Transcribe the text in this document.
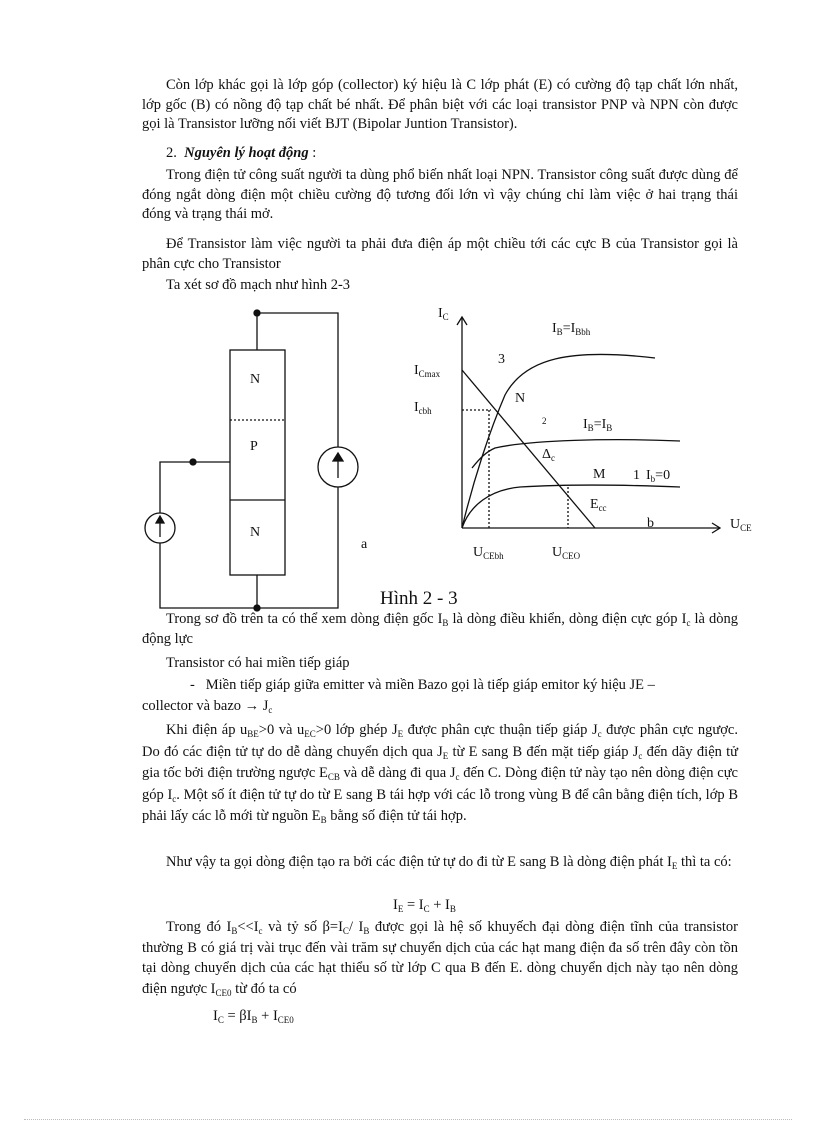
Còn lớp khác gọi là lớp góp (collector) ký hiệu là C lớp phát (E) có cường độ tạp chất lớn nhất, lớp gốc (B) có nồng độ tạp chất bé nhất. Để phân biệt với các loại transistor PNP và NPN còn được gọi là Transistor lưỡng nối viết BJT (Bipolar Juntion Transistor).
2. Nguyên lý hoạt động :
Trong điện tử công suất người ta dùng phổ biến nhất loại NPN. Transistor công suất được dùng để đóng ngắt dòng điện một chiều cường độ tương đối lớn vì vậy chúng chỉ làm việc ở hai trạng thái đóng và trạng thái mở.
Để Transistor làm việc người ta phải đưa điện áp một chiều tới các cực B của Transistor gọi là phân cực cho Transistor
Ta xét sơ đồ mạch như hình 2-3
N
P
N
a
$I_C$
$U_{CE}$
$I_{Cmax}$
$I_{cbh}$
$I_B=I_{Bbh}$
$I_B=I_B$
1 $I_b=0$
3
2
N
M
b
$\Delta_c$
$E_{cc}$
$U_{CEbh}$	$U_{CEO}$
Hình 2 - 3
Trong sơ đồ trên ta có thể xem dòng điện gốc $I_B$ là dòng điều khiển, dòng điện cực góp $I_c$ là dòng động lực
Transistor có hai miền tiếp giáp
- Miền tiếp giáp giữa emitter và miền Bazo gọi là tiếp giáp emitor ký hiệu JE –
collector và bazo → $J_c$
Khi điện áp $u_{BE}>0$ và $u_{EC}>0$ lớp ghép $J_E$ được phân cực thuận tiếp giáp $J_c$ được phân cực ngược. Do đó các điện tử tự do dễ dàng chuyển dịch qua $J_E$ từ E sang B đến mặt tiếp giáp $J_c$ đến dãy điện tử gia tốc bởi điện trường ngược $E_{CB}$ và dễ dàng đi qua $J_c$ đến C. Dòng điện tử này tạo nên dòng điện cực góp $I_c$. Một số ít điện tử tự do từ E sang B tái hợp với các lỗ trong vùng B để cân bằng điện tích, lớp B phải lấy các lỗ mới từ nguồn $E_B$ bằng số điện tử tái hợp.
Như vậy ta gọi dòng điện tạo ra bởi các điện tử tự do đi từ E sang B là dòng điện phát $I_E$ thì ta có:
$I_E = I_C + I_B$
Trong đó $I_B<<I_c$ và tỷ số $\beta=I_C/$ $I_B$ được gọi là hệ số khuyếch đại dòng điện tĩnh của transistor thường B có giá trị vài trục đến vài trăm sự chuyển dịch của các hạt mang điện đa số trên đây còn tồn tại dòng chuyển dịch của các hạt thiểu số từ lớp C qua B đến E. dòng chuyển dịch này tạo nên dòng điện ngược $I_{CE0}$ từ đó ta có
$I_C = \beta I_B + I_{CE0}$
